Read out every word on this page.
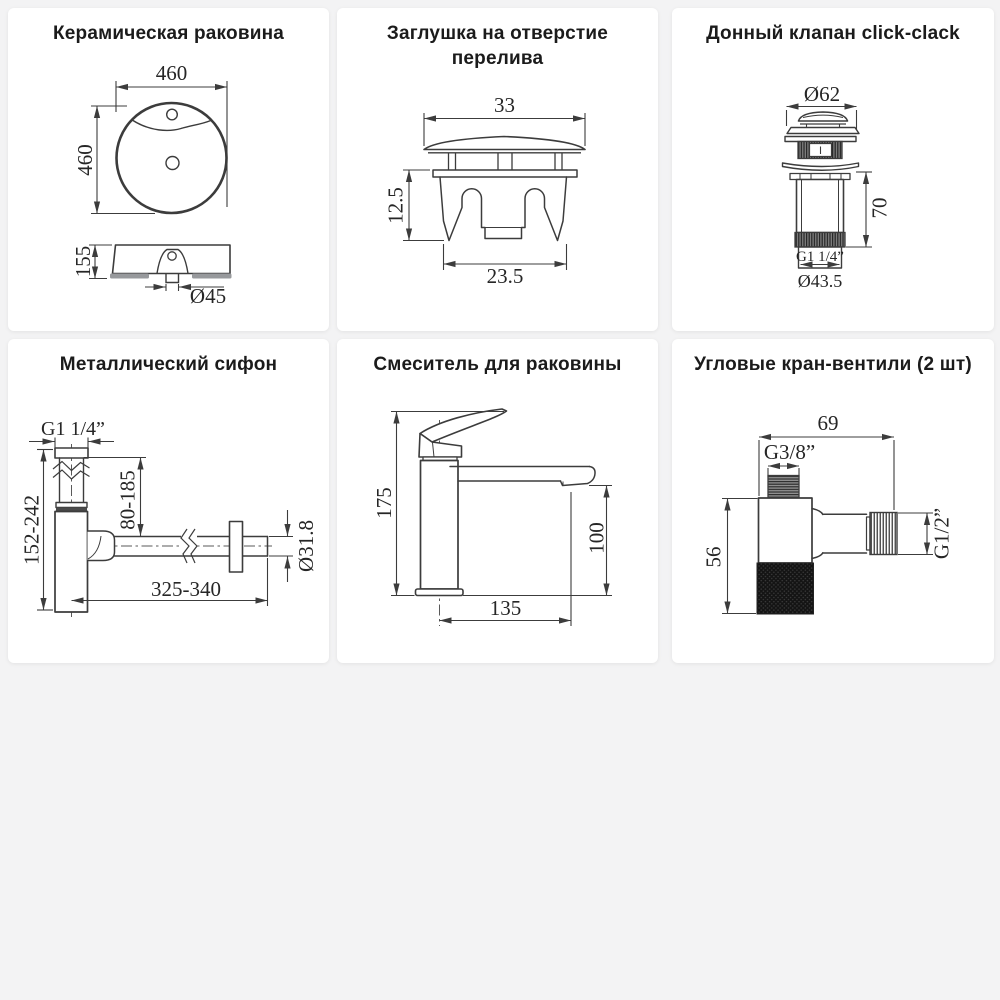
Керамическая раковина
460
460
155
Ø45
Заглушка на отверстие
перелива
33
12.5
23.5
Донный клапан click-clack
Ø62
G1 1/4”
Ø43.5
70
Металлический сифон
G1 1/4”
80-185
152-242
325-340
Ø31.8
Смеситель для раковины
175
100
135
Угловые кран-вентили (2 шт)
69
G3/8”
G1/2”
56
